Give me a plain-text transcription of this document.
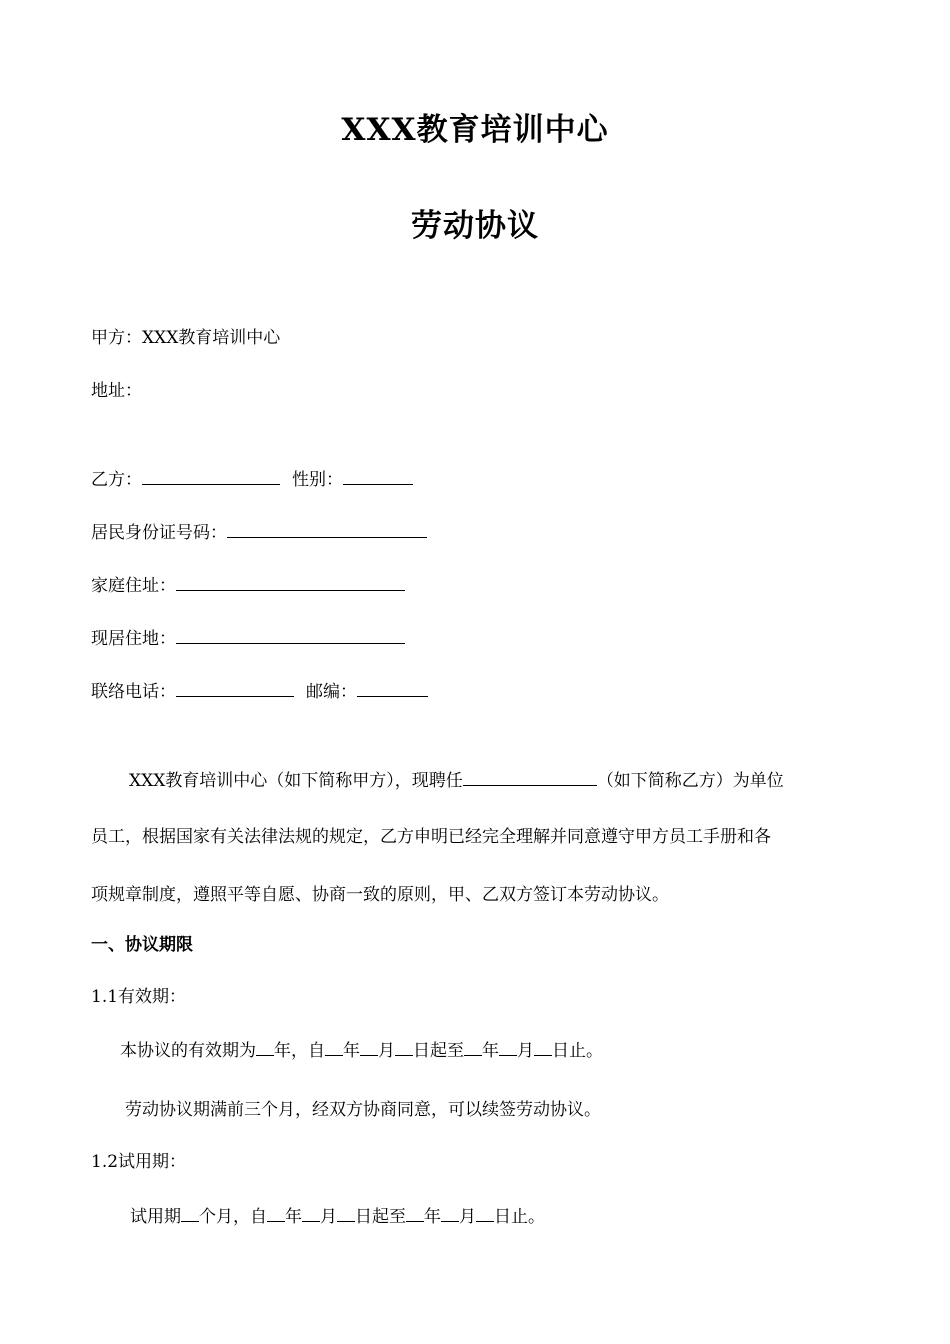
XXX教育培训中心
劳动协议
甲方：XXX教育培训中心
地址：
乙方：	性别：
居民身份证号码：
家庭住址：
现居住地：
联络电话：	邮编：
XXX教育培训中心（如下简称甲方），现聘任	（如下简称乙方）为单位
员工，根据国家有关法律法规的规定，乙方申明已经完全理解并同意遵守甲方员工手册和各
项规章制度，遵照平等自愿、协商一致的原则，甲、乙双方签订本劳动协议。
一、协议期限
1.1有效期：
本协议的有效期为 年，自 年 月 日起至 年 月 日止。
劳动协议期满前三个月，经双方协商同意，可以续签劳动协议。
1.2试用期：
试用期 个月，自 年 月 日起至 年 月 日止。
